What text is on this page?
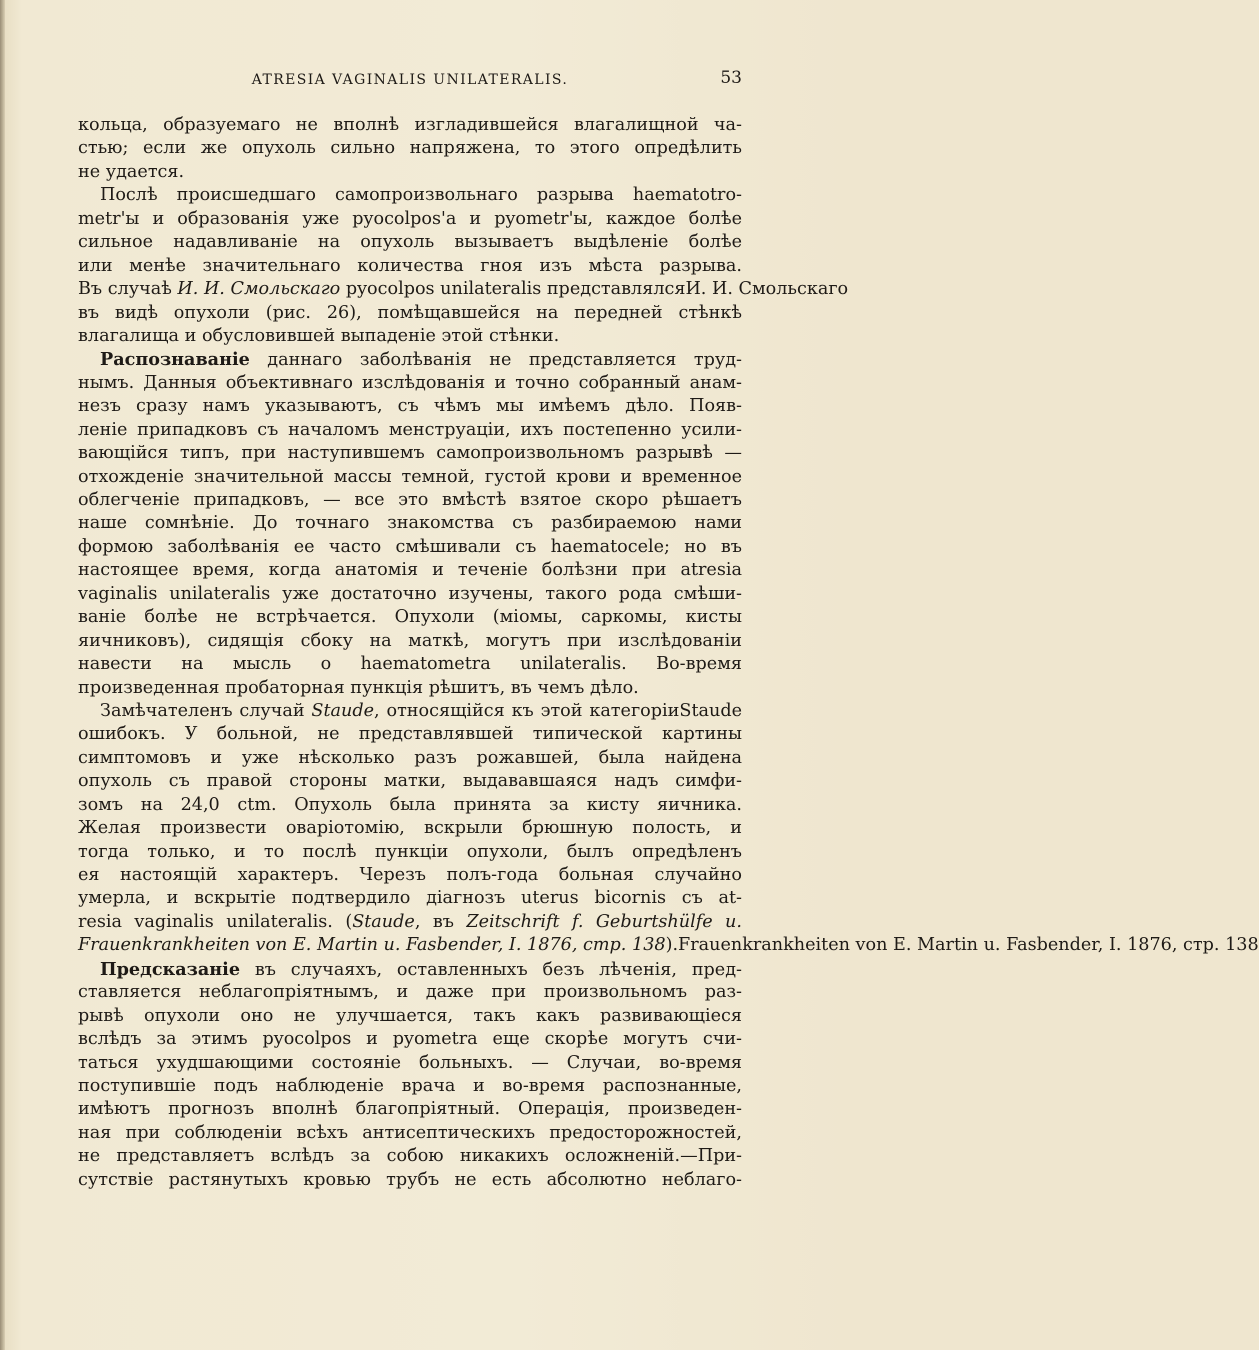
ATRESIA VAGINALIS UNILATERALIS.	53
кольца, образуемаго не вполнѣ изгладившейся влагалищной ча-
стью; если же опухоль сильно напряжена, то этого опредѣлить
не удается.
Послѣ происшедшаго самопроизвольнаго разрыва haematotro-
metr'ы и образованія уже pyocolpos'а и pyometr'ы, каждое болѣе
сильное надавливаніе на опухоль вызываетъ выдѣленіе болѣе
или менѣе значительнаго количества гноя изъ мѣста разрыва.
Въ случаѣ И. И. Смольскаго pyocolpos unilateralis представлялсяИ. И. Смольскаго
въ видѣ опухоли (рис. 26), помѣщавшейся на передней стѣнкѣ
влагалища и обусловившей выпаденіе этой стѣнки.
Распознаваніе даннаго заболѣванія не представляется труд-
нымъ. Данныя объективнаго изслѣдованія и точно собранный анам-
незъ сразу намъ указываютъ, съ чѣмъ мы имѣемъ дѣло. Появ-
леніе припадковъ съ началомъ менструаціи, ихъ постепенно усили-
вающійся типъ, при наступившемъ самопроизвольномъ разрывѣ —
отхожденіе значительной массы темной, густой крови и временное
облегченіе припадковъ, — все это вмѣстѣ взятое скоро рѣшаетъ
наше сомнѣніе. До точнаго знакомства съ разбираемою нами
формою заболѣванія ее часто смѣшивали съ haematocele; но въ
настоящее время, когда анатомія и теченіе болѣзни при atresia
vaginalis unilateralis уже достаточно изучены, такого рода смѣши-
ваніе болѣе не встрѣчается. Опухоли (міомы, саркомы, кисты
яичниковъ), сидящія сбоку на маткѣ, могутъ при изслѣдованіи
навести на мысль о haematometra unilateralis. Во-время
произведенная пробаторная пункція рѣшитъ, въ чемъ дѣло.
Замѣчателенъ случай Staude, относящійся къ этой категоріиStaude
ошибокъ. У больной, не представлявшей типической картины
симптомовъ и уже нѣсколько разъ рожавшей, была найдена
опухоль съ правой стороны матки, выдававшаяся надъ симфи-
зомъ на 24,0 ctm. Опухоль была принята за кисту яичника.
Желая произвести оваріотомію, вскрыли брюшную полость, и
тогда только, и то послѣ пункціи опухоли, былъ опредѣленъ
ея настоящій характеръ. Черезъ полъ-года больная случайно
умерла, и вскрытіе подтвердило діагнозъ uterus bicornis съ at-
resia vaginalis unilateralis. (Staude, въ Zeitschrift f. Geburtshülfe u.
Frauenkrankheiten von E. Martin u. Fasbender, I. 1876, стр. 138).Frauenkrankheiten von E. Martin u. Fasbender, I. 1876, стр. 138
Предсказаніе въ случаяхъ, оставленныхъ безъ лѣченія, пред-
ставляется неблагопріятнымъ, и даже при произвольномъ раз-
рывѣ опухоли оно не улучшается, такъ какъ развивающіеся
вслѣдъ за этимъ pyocolpos и pyometra еще скорѣе могутъ счи-
таться ухудшающими состояніе больныхъ. — Случаи, во-время
поступившіе подъ наблюденіе врача и во-время распознанные,
имѣютъ прогнозъ вполнѣ благопріятный. Операція, произведен-
ная при соблюденіи всѣхъ антисептическихъ предосторожностей,
не представляетъ вслѣдъ за собою никакихъ осложненій.—При-
сутствіе растянутыхъ кровью трубъ не есть абсолютно неблаго-
